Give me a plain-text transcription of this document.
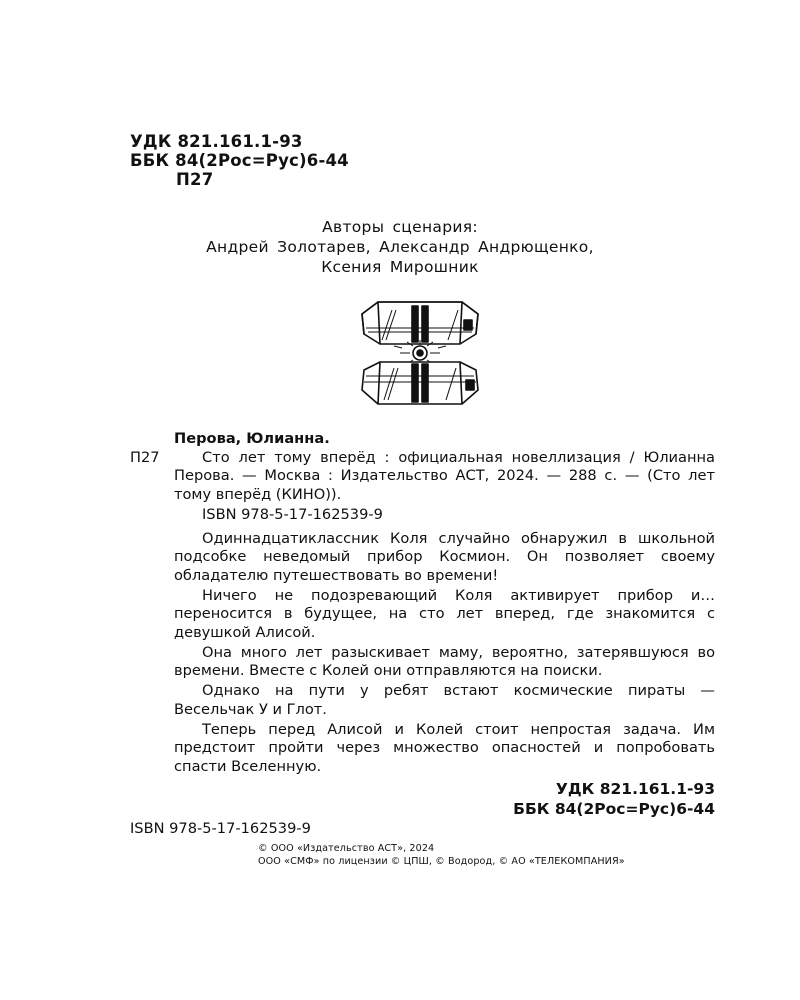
УДК 821.161.1-93
ББК 84(2Рос=Рус)6-44
П27
Авторы сценария:
Андрей Золотарев, Александр Андрющенко,
Ксения Мирошник
Перова, Юлианна.
П27	Сто лет тому вперёд : официальная новеллизация / Юлианна Перова. — Москва : Издательство АСТ, 2024. — 288 с. — (Сто лет тому вперёд (КИНО)).
ISBN 978-5-17-162539-9

Одиннадцатиклассник Коля случайно обнаружил в школьной подсобке неведомый прибор Космион. Он позволяет своему обладателю путешествовать во времени!

Ничего не подозревающий Коля активирует прибор и… переносится в будущее, на сто лет вперед, где знакомится с девушкой Алисой.

Она много лет разыскивает маму, вероятно, затерявшуюся во времени. Вместе с Колей они отправляются на поиски.

Однако на пути у ребят встают космические пираты — Весельчак У и Глот.

Теперь перед Алисой и Колей стоит непростая задача. Им предстоит пройти через множество опасностей и попробовать спасти Вселенную.

УДК 821.161.1-93
ББК 84(2Рос=Рус)6-44
ISBN 978-5-17-162539-9
© ООО «Издательство АСТ», 2024
ООО «СМФ» по лицензии © ЦПШ, © Водород, © АО «ТЕЛЕКОМПАНИЯ»
